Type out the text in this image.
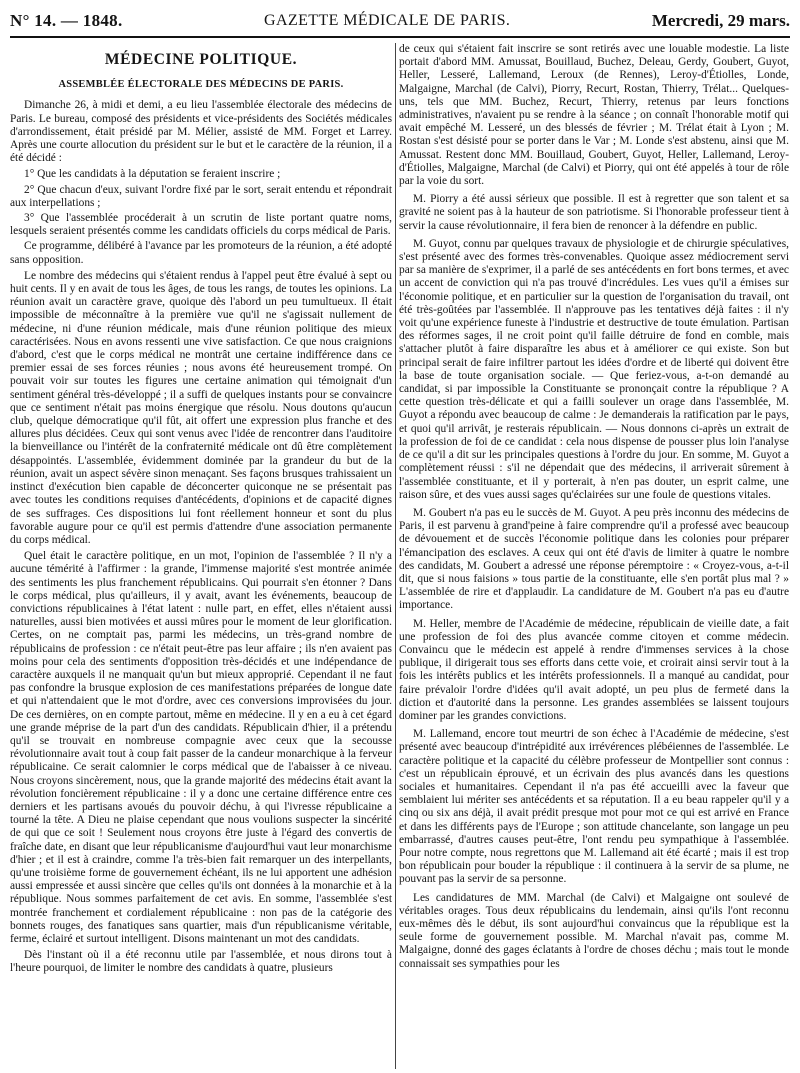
N° 14. — 1848.	GAZETTE MÉDICALE DE PARIS.	Mercredi, 29 mars.
MÉDECINE POLITIQUE.
ASSEMBLÉE ÉLECTORALE DES MÉDECINS DE PARIS.

Dimanche 26, à midi et demi, a eu lieu l'assemblée électorale des médecins de Paris. Le bureau, composé des présidents et vice-présidents des Sociétés médicales d'arrondissement, était présidé par M. Mélier, assisté de MM. Forget et Larrey. Après une courte allocution du président sur le but et le caractère de la réunion, il a été décidé :

1° Que les candidats à la députation se feraient inscrire ;

2° Que chacun d'eux, suivant l'ordre fixé par le sort, serait entendu et répondrait aux interpellations ;

3° Que l'assemblée procéderait à un scrutin de liste portant quatre noms, lesquels seraient présentés comme les candidats officiels du corps médical de Paris.

Ce programme, délibéré à l'avance par les promoteurs de la réunion, a été adopté sans opposition.

Le nombre des médecins qui s'étaient rendus à l'appel peut être évalué à sept ou huit cents. Il y en avait de tous les âges, de tous les rangs, de toutes les opinions. La réunion avait un caractère grave, quoique dès l'abord un peu tumultueux. Il était impossible de méconnaître à la première vue qu'il ne s'agissait nullement de médecine, ni d'une réunion médicale, mais d'une réunion politique des mieux caractérisées. Nous en avons ressenti une vive satisfaction. Ce que nous craignions d'abord, c'est que le corps médical ne montrât une certaine indifférence dans ce premier essai de ses forces réunies ; nous avons été heureusement trompé. On pouvait voir sur toutes les figures une certaine animation qui témoignait d'un sentiment général très-développé ; il a suffi de quelques instants pour se convaincre que ce sentiment n'était pas moins énergique que résolu. Nous doutons qu'aucun club, quelque démocratique qu'il fût, ait offert une expression plus franche et des allures plus décidées. Ceux qui sont venus avec l'idée de rencontrer dans l'auditoire la bienveillance ou l'intérêt de la confraternité médicale ont dû être complètement désappointés. L'assemblée, évidemment dominée par la grandeur du but de la réunion, avait un aspect sévère sinon menaçant. Ses façons brusques trahissaient un instinct d'exécution bien capable de déconcerter quiconque ne se présentait pas avec toutes les conditions requises d'antécédents, d'opinions et de capacité dignes de ses suffrages. Ces dispositions lui font réellement honneur et sont du plus favorable augure pour ce qu'il est permis d'attendre d'une association permanente du corps médical.

Quel était le caractère politique, en un mot, l'opinion de l'assemblée ? Il n'y a aucune témérité à l'affirmer : la grande, l'immense majorité s'est montrée animée des sentiments les plus franchement républicains. Qui pourrait s'en étonner ? Dans le corps médical, plus qu'ailleurs, il y avait, avant les événements, beaucoup de convictions républicaines à l'état latent : nulle part, en effet, elles n'étaient aussi naturelles, aussi bien motivées et aussi mûres pour le moment de leur glorification. Certes, on ne comptait pas, parmi les médecins, un très-grand nombre de républicains de profession : ce n'était peut-être pas leur affaire ; ils n'en avaient pas moins pour cela des sentiments d'opposition très-décidés et une indépendance de caractère auxquels il ne manquait qu'un but mieux approprié. Cependant il ne faut pas confondre la brusque explosion de ces manifestations préparées de longue date et qui n'attendaient que le mot d'ordre, avec ces conversions improvisées du jour. De ces dernières, on en compte partout, même en médecine. Il y en a eu à cet égard une grande méprise de la part d'un des candidats. Républicain d'hier, il a prétendu qu'il se trouvait en nombreuse compagnie avec ceux que la secousse révolutionnaire avait tout à coup fait passer de la candeur monarchique à la ferveur républicaine. Ce serait calomnier le corps médical que de l'abaisser à ce niveau. Nous croyons sincèrement, nous, que la grande majorité des médecins était avant la révolution foncièrement républicaine : il y a donc une certaine différence entre ces derniers et les partisans avoués du pouvoir déchu, à qui l'ivresse républicaine a tourné la tête. A Dieu ne plaise cependant que nous voulions suspecter la sincérité de qui que ce soit ! Seulement nous croyons être juste à l'égard des convertis de fraîche date, en disant que leur républicanisme d'aujourd'hui vaut leur monarchisme d'hier ; et il est à craindre, comme l'a très-bien fait remarquer un des interpellants, qu'une troisième forme de gouvernement échéant, ils ne lui apportent une adhésion aussi empressée et aussi sincère que celles qu'ils ont données à la monarchie et à la république. Nous sommes parfaitement de cet avis. En somme, l'assemblée s'est montrée franchement et cordialement républicaine : non pas de la catégorie des bonnets rouges, des fanatiques sans quartier, mais d'un républicanisme véritable, ferme, éclairé et surtout intelligent. Disons maintenant un mot des candidats.

Dès l'instant où il a été reconnu utile par l'assemblée, et nous dirons tout à l'heure pourquoi, de limiter le nombre des candidats à quatre, plusieurs

de ceux qui s'étaient fait inscrire se sont retirés avec une louable modestie. La liste portait d'abord MM. Amussat, Bouillaud, Buchez, Deleau, Gerdy, Goubert, Guyot, Heller, Lesseré, Lallemand, Leroux (de Rennes), Leroy-d'Étiolles, Londe, Malgaigne, Marchal (de Calvi), Piorry, Recurt, Rostan, Thierry, Trélat... Quelques-uns, tels que MM. Buchez, Recurt, Thierry, retenus par leurs fonctions administratives, n'avaient pu se rendre à la séance ; on connaît l'honorable motif qui avait empêché M. Lesseré, un des blessés de février ; M. Trélat était à Lyon ; M. Rostan s'est désisté pour se porter dans le Var ; M. Londe s'est abstenu, ainsi que M. Amussat. Restent donc MM. Bouillaud, Goubert, Guyot, Heller, Lallemand, Leroy-d'Étiolles, Malgaigne, Marchal (de Calvi) et Piorry, qui ont été appelés à tour de rôle par la voie du sort.

M. Piorry a été aussi sérieux que possible. Il est à regretter que son talent et sa gravité ne soient pas à la hauteur de son patriotisme. Si l'honorable professeur tient à servir la cause révolutionnaire, il fera bien de renoncer à la défendre en public.

M. Guyot, connu par quelques travaux de physiologie et de chirurgie spéculatives, s'est présenté avec des formes très-convenables. Quoique assez médiocrement servi par sa manière de s'exprimer, il a parlé de ses antécédents en fort bons termes, et avec un accent de conviction qui n'a pas trouvé d'incrédules. Les vues qu'il a émises sur l'économie politique, et en particulier sur la question de l'organisation du travail, ont été très-goûtées par l'assemblée. Il n'approuve pas les tentatives déjà faites : il n'y voit qu'une expérience funeste à l'industrie et destructive de toute émulation. Partisan des réformes sages, il ne croit point qu'il faille détruire de fond en comble, mais s'attacher plutôt à faire disparaître les abus et à améliorer ce qui existe. Son but principal serait de faire infiltrer partout les idées d'ordre et de liberté qui doivent être la base de toute organisation sociale. — Que feriez-vous, a-t-on demandé au candidat, si par impossible la Constituante se prononçait contre la république ? A cette question très-délicate et qui a failli soulever un orage dans l'assemblée, M. Guyot a répondu avec beaucoup de calme : Je demanderais la ratification par le pays, et quoi qu'il arrivât, je resterais républicain. — Nous donnons ci-après un extrait de la profession de foi de ce candidat : cela nous dispense de pousser plus loin l'analyse de ce qu'il a dit sur les principales questions à l'ordre du jour. En somme, M. Guyot a complètement réussi : s'il ne dépendait que des médecins, il arriverait sûrement à l'assemblée constituante, et il y porterait, à n'en pas douter, un esprit calme, une raison sûre, et des vues aussi sages qu'éclairées sur une foule de questions vitales.

M. Goubert n'a pas eu le succès de M. Guyot. A peu près inconnu des médecins de Paris, il est parvenu à grand'peine à faire comprendre qu'il a professé avec beaucoup de dévouement et de succès l'économie politique dans les colonies pour préparer l'émancipation des esclaves. A ceux qui ont été d'avis de limiter à quatre le nombre des candidats, M. Goubert a adressé une réponse péremptoire : « Croyez-vous, a-t-il dit, que si nous faisions » tous partie de la constituante, elle s'en portât plus mal ? » L'assemblée de rire et d'applaudir. La candidature de M. Goubert n'a pas eu d'autre importance.

M. Heller, membre de l'Académie de médecine, républicain de vieille date, a fait une profession de foi des plus avancée comme citoyen et comme médecin. Convaincu que le médecin est appelé à rendre d'immenses services à la chose publique, il dirigerait tous ses efforts dans cette voie, et croirait ainsi servir tout à la fois les intérêts publics et les intérêts professionnels. Il a manqué au candidat, pour faire prévaloir l'ordre d'idées qu'il avait adopté, un peu plus de fermeté dans la diction et d'autorité dans la personne. Les grandes assemblées se laissent toujours dominer par les grandes convictions.

M. Lallemand, encore tout meurtri de son échec à l'Académie de médecine, s'est présenté avec beaucoup d'intrépidité aux irrévérences plébéiennes de l'assemblée. Le caractère politique et la capacité du célèbre professeur de Montpellier sont connus : c'est un républicain éprouvé, et un écrivain des plus avancés dans les questions sociales et humanitaires. Cependant il n'a pas été accueilli avec la faveur que semblaient lui mériter ses antécédents et sa réputation. Il a eu beau rappeler qu'il y a cinq ou six ans déjà, il avait prédit presque mot pour mot ce qui est arrivé en France et dans les différents pays de l'Europe ; son attitude chancelante, son langage un peu embarrassé, d'autres causes peut-être, l'ont rendu peu sympathique à l'assemblée. Pour notre compte, nous regrettons que M. Lallemand ait été écarté ; mais il est trop bon républicain pour bouder la république : il continuera à la servir de sa plume, ne pouvant pas la servir de sa personne.

Les candidatures de MM. Marchal (de Calvi) et Malgaigne ont soulevé de véritables orages. Tous deux républicains du lendemain, ainsi qu'ils l'ont reconnu eux-mêmes dès le début, ils sont aujourd'hui convaincus que la république est la seule forme de gouvernement possible. M. Marchal n'avait pas, comme M. Malgaigne, donné des gages éclatants à l'ordre de choses déchu ; mais tout le monde connaissait ses sympathies pour les
